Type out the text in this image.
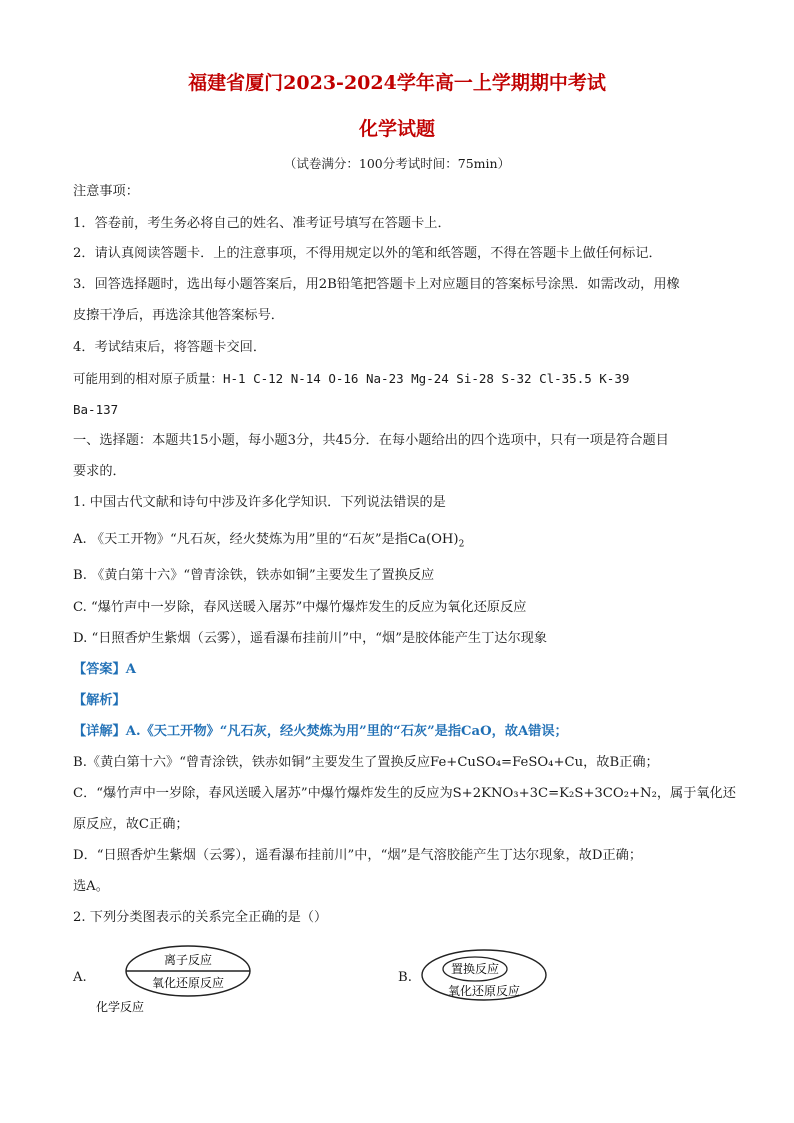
福建省厦门2023-2024学年高一上学期期中考试
化学试题
（试卷满分：100分考试时间：75min）
注意事项：
1．答卷前，考生务必将自己的姓名、准考证号填写在答题卡上．
2．请认真阅读答题卡．上的注意事项，不得用规定以外的笔和纸答题，不得在答题卡上做任何标记．
3．回答选择题时，选出每小题答案后，用2B铅笔把答题卡上对应题目的答案标号涂黑．如需改动，用橡
皮擦干净后，再选涂其他答案标号．
4．考试结束后，将答题卡交回．
可能用到的相对原子质量：H-1 C-12 N-14 O-16 Na-23 Mg-24 Si-28 S-32 Cl-35.5 K-39
Ba-137
一、选择题：本题共15小题，每小题3分，共45分．在每小题给出的四个选项中，只有一项是符合题目
要求的．
1. 中国古代文献和诗句中涉及许多化学知识．下列说法错误的是
A. 《天工开物》“凡石灰，经火焚炼为用”里的“石灰”是指$Ca(OH)_2$
B. 《黄白第十六》“曾青涂铁，铁赤如铜”主要发生了置换反应
C. “爆竹声中一岁除，春风送暖入屠苏”中爆竹爆炸发生的反应为氧化还原反应
D. “日照香炉生紫烟（云雾），遥看瀑布挂前川”中，“烟”是胶体能产生丁达尔现象
【答案】A
【解析】
【详解】A.《天工开物》“凡石灰，经火焚炼为用”里的“石灰”是指CaO，故A错误；
B.《黄白第十六》“曾青涂铁，铁赤如铜”主要发生了置换反应Fe+CuSO₄=FeSO₄+Cu，故B正确；
C．“爆竹声中一岁除，春风送暖入屠苏”中爆竹爆炸发生的反应为S+2KNO₃+3C=K₂S+3CO₂+N₂，属于氧化还
原反应，故C正确；
D．“日照香炉生紫烟（云雾），遥看瀑布挂前川”中，“烟”是气溶胶能产生丁达尔现象，故D正确；
选A。
2. 下列分类图表示的关系完全正确的是（）
A.
离子反应
氧化还原反应
化学反应
B.
置换反应
氧化还原反应
